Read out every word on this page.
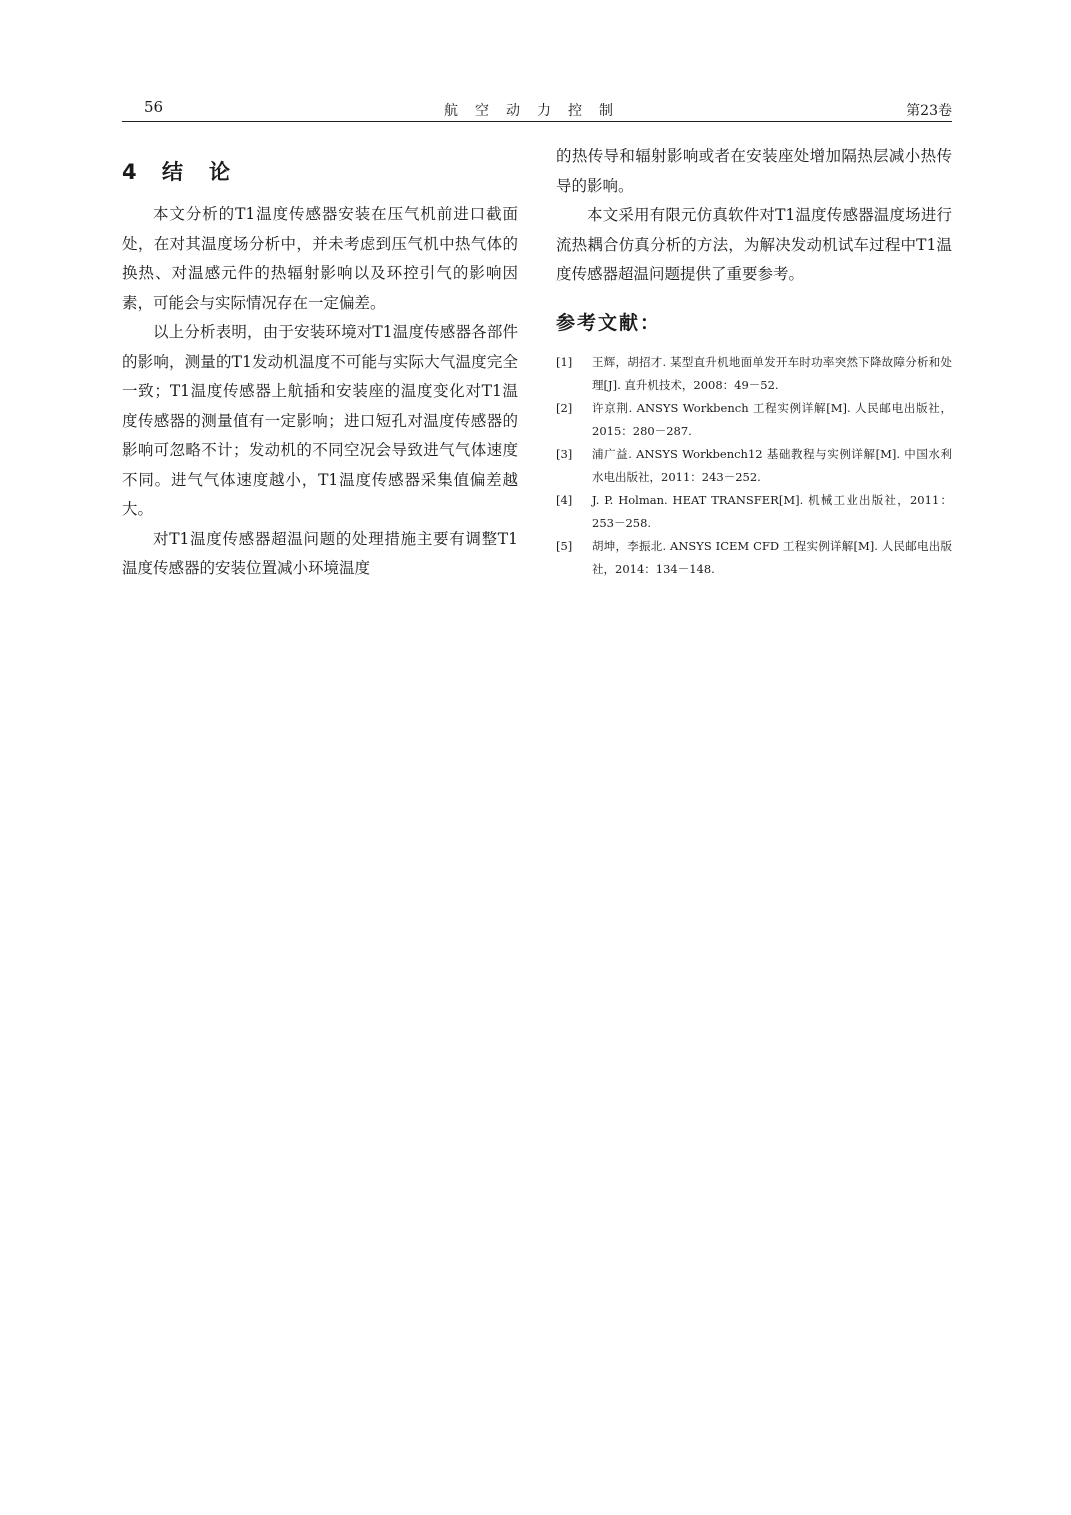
56	航空动力控制	第23卷
4 结论

本文分析的T1温度传感器安装在压气机前进口截面处，在对其温度场分析中，并未考虑到压气机中热气体的换热、对温感元件的热辐射影响以及环控引气的影响因素，可能会与实际情况存在一定偏差。

以上分析表明，由于安装环境对T1温度传感器各部件的影响，测量的T1发动机温度不可能与实际大气温度完全一致；T1温度传感器上航插和安装座的温度变化对T1温度传感器的测量值有一定影响；进口短孔对温度传感器的影响可忽略不计；发动机的不同空况会导致进气气体速度不同。进气气体速度越小，T1温度传感器采集值偏差越大。

对T1温度传感器超温问题的处理措施主要有调整T1温度传感器的安装位置减小环境温度

的热传导和辐射影响或者在安装座处增加隔热层减小热传导的影响。

本文采用有限元仿真软件对T1温度传感器温度场进行流热耦合仿真分析的方法，为解决发动机试车过程中T1温度传感器超温问题提供了重要参考。

参考文献：
[1]	王辉，胡招才. 某型直升机地面单发开车时功率突然下降故障分析和处理[J]. 直升机技术，2008：49－52.
[2]	许京荆. ANSYS Workbench 工程实例详解[M]. 人民邮电出版社，2015：280－287.
[3]	浦广益. ANSYS Workbench12 基础教程与实例详解[M]. 中国水利水电出版社，2011：243－252.
[4]	J. P. Holman. HEAT TRANSFER[M]. 机械工业出版社，2011：253－258.
[5]	胡坤，李振北. ANSYS ICEM CFD 工程实例详解[M]. 人民邮电出版社，2014：134－148.
